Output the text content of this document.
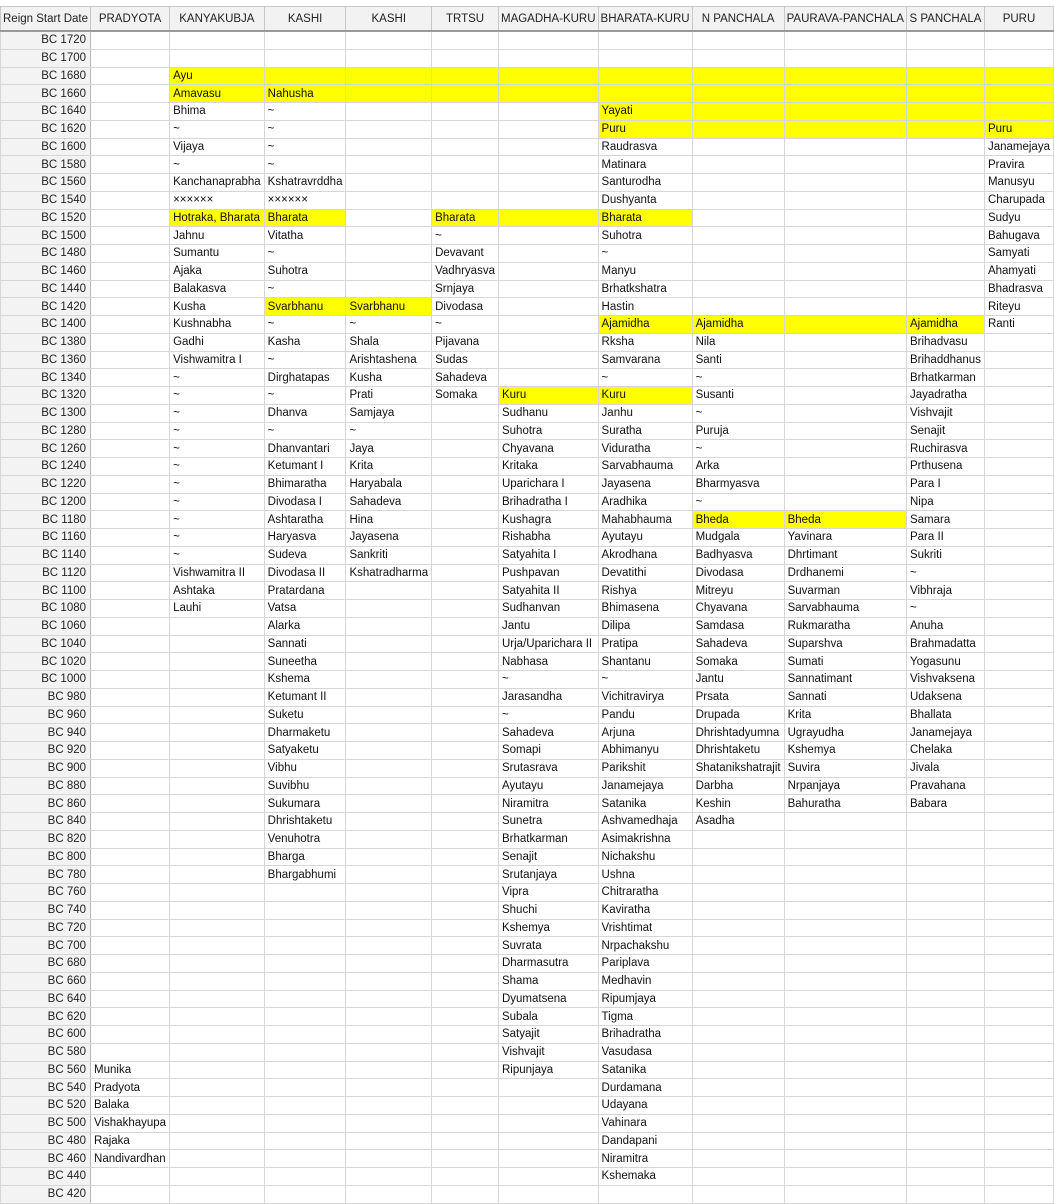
Reign Start Date	PRADYOTA	KANYAKUBJA	KASHI	KASHI	TRTSU	MAGADHA-KURU	BHARATA-KURU	N PANCHALA	PAURAVA-PANCHALA	S PANCHALA	PURU
BC 1720											
BC 1700											
BC 1680		Ayu									
BC 1660		Amavasu	Nahusha								
BC 1640		Bhima	~				Yayati				
BC 1620		~	~				Puru				Puru
BC 1600		Vijaya	~				Raudrasva				Janamejaya
BC 1580		~	~				Matinara				Pravira
BC 1560		Kanchanaprabha	Kshatravrddha				Santurodha				Manusyu
BC 1540		××××××	××××××				Dushyanta				Charupada
BC 1520		Hotraka, Bharata	Bharata		Bharata		Bharata				Sudyu
BC 1500		Jahnu	Vitatha		~		Suhotra				Bahugava
BC 1480		Sumantu	~		Devavant		~				Samyati
BC 1460		Ajaka	Suhotra		Vadhryasva		Manyu				Ahamyati
BC 1440		Balakasva	~		Srnjaya		Brhatkshatra				Bhadrasva
BC 1420		Kusha	Svarbhanu	Svarbhanu	Divodasa		Hastin				Riteyu
BC 1400		Kushnabha	~	~	~		Ajamidha	Ajamidha		Ajamidha	Ranti
BC 1380		Gadhi	Kasha	Shala	Pijavana		Rksha	Nila		Brihadvasu	
BC 1360		Vishwamitra I	~	Arishtashena	Sudas		Samvarana	Santi		Brihaddhanus	
BC 1340		~	Dirghatapas	Kusha	Sahadeva		~	~		Brhatkarman	
BC 1320		~	~	Prati	Somaka	Kuru	Kuru	Susanti		Jayadratha	
BC 1300		~	Dhanva	Samjaya		Sudhanu	Janhu	~		Vishvajit	
BC 1280		~	~	~		Suhotra	Suratha	Puruja		Senajit	
BC 1260		~	Dhanvantari	Jaya		Chyavana	Viduratha	~		Ruchirasva	
BC 1240		~	Ketumant I	Krita		Kritaka	Sarvabhauma	Arka		Prthusena	
BC 1220		~	Bhimaratha	Haryabala		Uparichara I	Jayasena	Bharmyasva		Para I	
BC 1200		~	Divodasa I	Sahadeva		Brihadratha I	Aradhika	~		Nipa	
BC 1180		~	Ashtaratha	Hina		Kushagra	Mahabhauma	Bheda	Bheda	Samara	
BC 1160		~	Haryasva	Jayasena		Rishabha	Ayutayu	Mudgala	Yavinara	Para II	
BC 1140		~	Sudeva	Sankriti		Satyahita I	Akrodhana	Badhyasva	Dhrtimant	Sukriti	
BC 1120		Vishwamitra II	Divodasa II	Kshatradharma		Pushpavan	Devatithi	Divodasa	Drdhanemi	~	
BC 1100		Ashtaka	Pratardana			Satyahita II	Rishya	Mitreyu	Suvarman	Vibhraja	
BC 1080		Lauhi	Vatsa			Sudhanvan	Bhimasena	Chyavana	Sarvabhauma	~	
BC 1060			Alarka			Jantu	Dilipa	Samdasa	Rukmaratha	Anuha	
BC 1040			Sannati			Urja/Uparichara II	Pratipa	Sahadeva	Suparshva	Brahmadatta	
BC 1020			Suneetha			Nabhasa	Shantanu	Somaka	Sumati	Yogasunu	
BC 1000			Kshema			~	~	Jantu	Sannatimant	Vishvaksena	
BC 980			Ketumant II			Jarasandha	Vichitravirya	Prsata	Sannati	Udaksena	
BC 960			Suketu			~	Pandu	Drupada	Krita	Bhallata	
BC 940			Dharmaketu			Sahadeva	Arjuna	Dhrishtadyumna	Ugrayudha	Janamejaya	
BC 920			Satyaketu			Somapi	Abhimanyu	Dhrishtaketu	Kshemya	Chelaka	
BC 900			Vibhu			Srutasrava	Parikshit	Shatanikshatrajit	Suvira	Jivala	
BC 880			Suvibhu			Ayutayu	Janamejaya	Darbha	Nrpanjaya	Pravahana	
BC 860			Sukumara			Niramitra	Satanika	Keshin	Bahuratha	Babara	
BC 840			Dhrishtaketu			Sunetra	Ashvamedhaja	Asadha			
BC 820			Venuhotra			Brhatkarman	Asimakrishna				
BC 800			Bharga			Senajit	Nichakshu				
BC 780			Bhargabhumi			Srutanjaya	Ushna				
BC 760						Vipra	Chitraratha				
BC 740						Shuchi	Kaviratha				
BC 720						Kshemya	Vrishtimat				
BC 700						Suvrata	Nrpachakshu				
BC 680						Dharmasutra	Pariplava				
BC 660						Shama	Medhavin				
BC 640						Dyumatsena	Ripumjaya				
BC 620						Subala	Tigma				
BC 600						Satyajit	Brihadratha				
BC 580						Vishvajit	Vasudasa				
BC 560	Munika					Ripunjaya	Satanika				
BC 540	Pradyota						Durdamana				
BC 520	Balaka						Udayana				
BC 500	Vishakhayupa						Vahinara				
BC 480	Rajaka						Dandapani				
BC 460	Nandivardhan						Niramitra				
BC 440							Kshemaka				
BC 420											
